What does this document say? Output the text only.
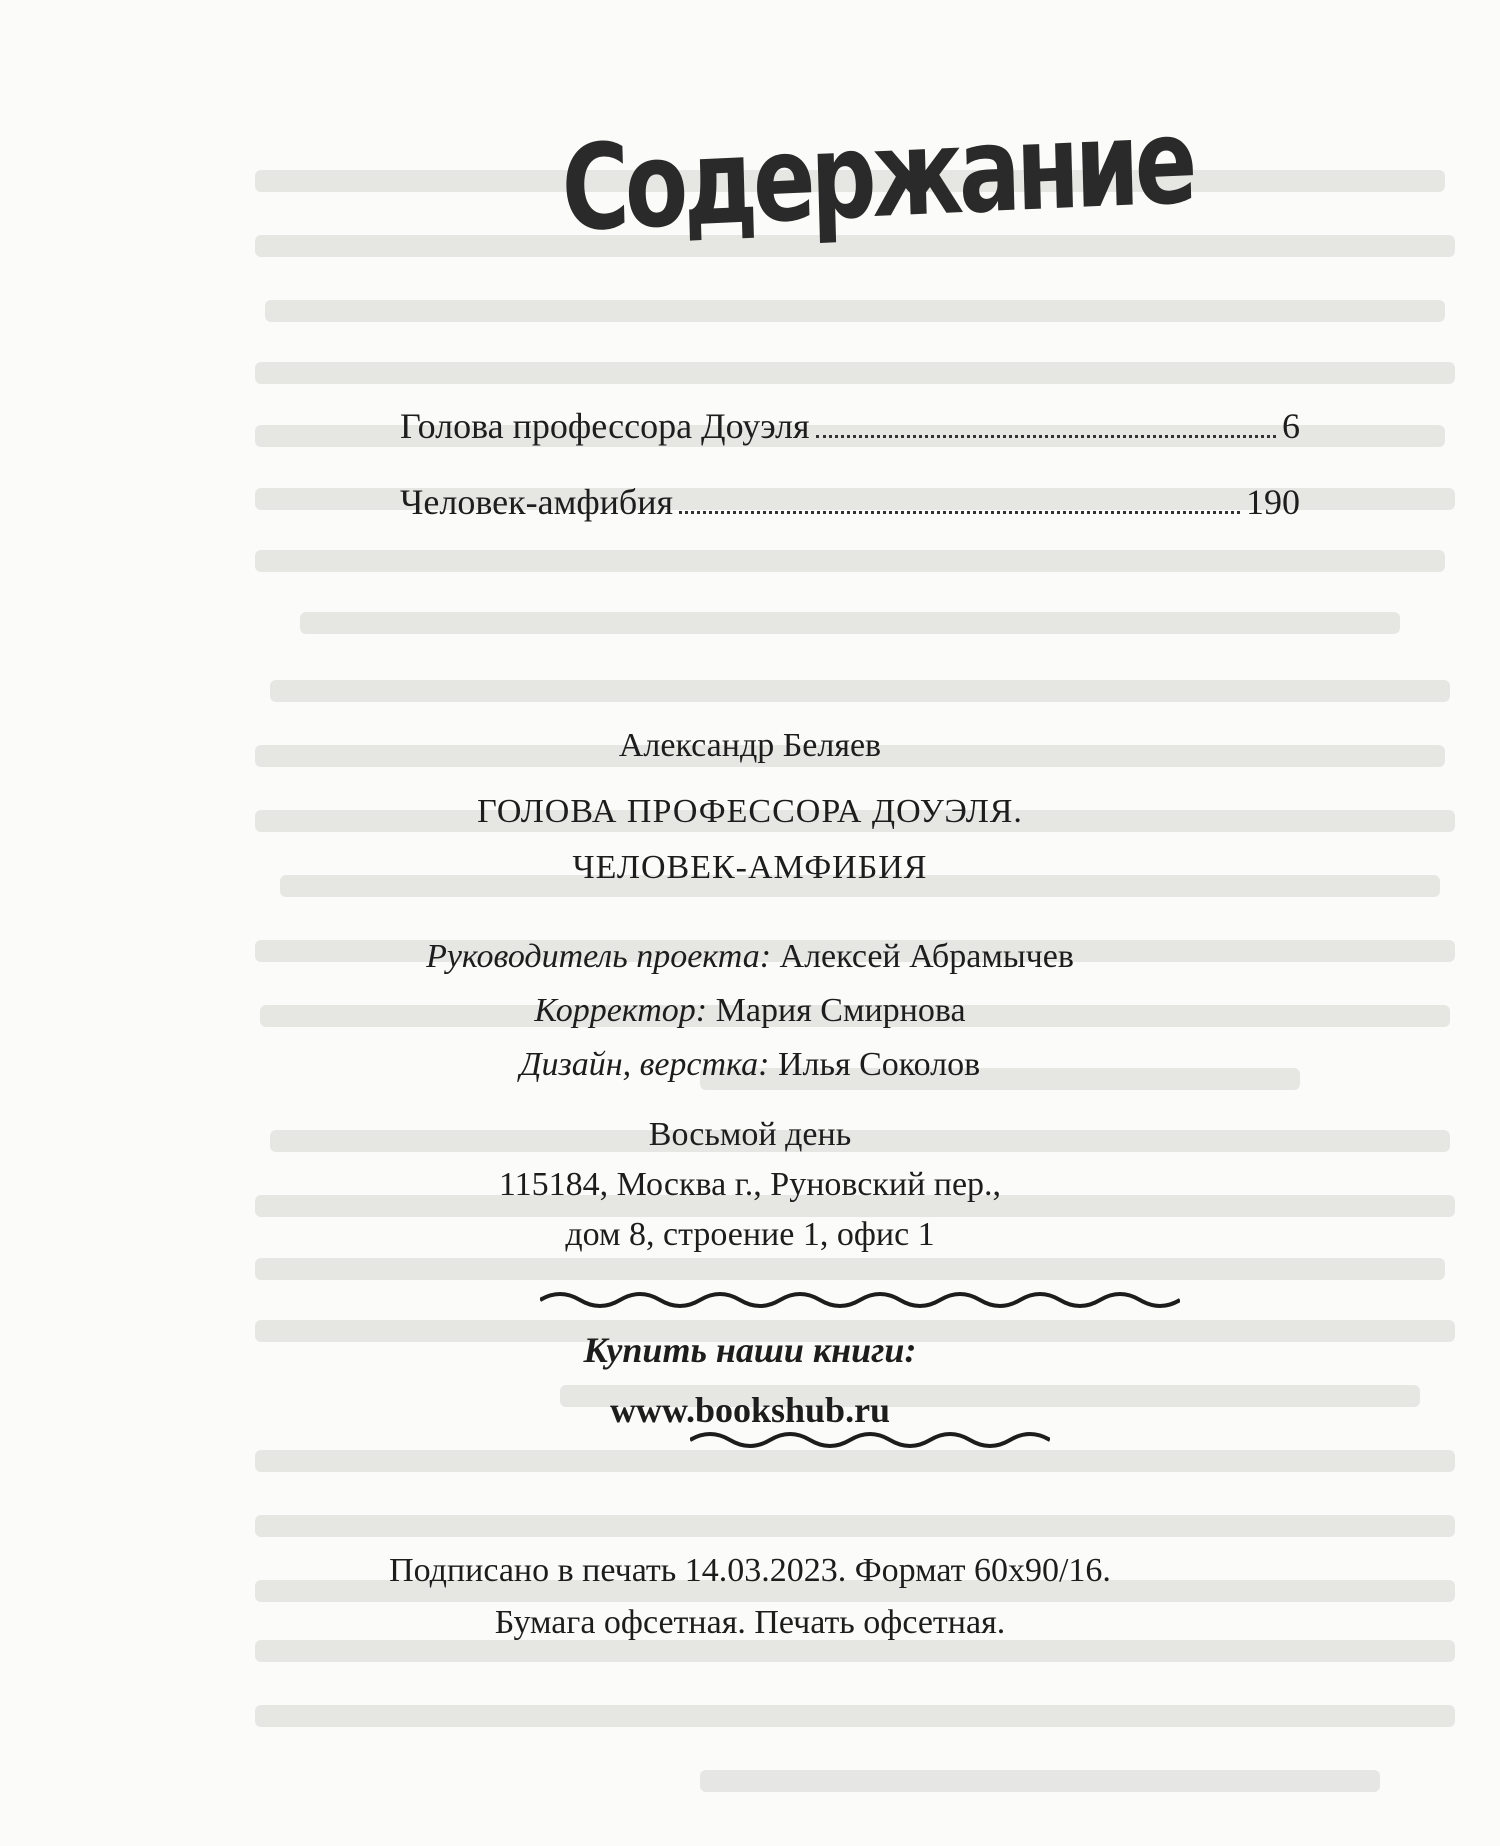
Содержание
Голова профессора Доуэля	6
Человек-амфибия	190
Александр Беляев
ГОЛОВА ПРОФЕССОРА ДОУЭЛЯ.
ЧЕЛОВЕК-АМФИБИЯ
Руководитель проекта: Алексей Абрамычев
Корректор: Мария Смирнова
Дизайн, верстка: Илья Соколов
Восьмой день
115184, Москва г., Руновский пер.,
дом 8, строение 1, офис 1
Купить наши книги:
www.bookshub.ru
Подписано в печать 14.03.2023. Формат 60х90/16.
Бумага офсетная. Печать офсетная.
